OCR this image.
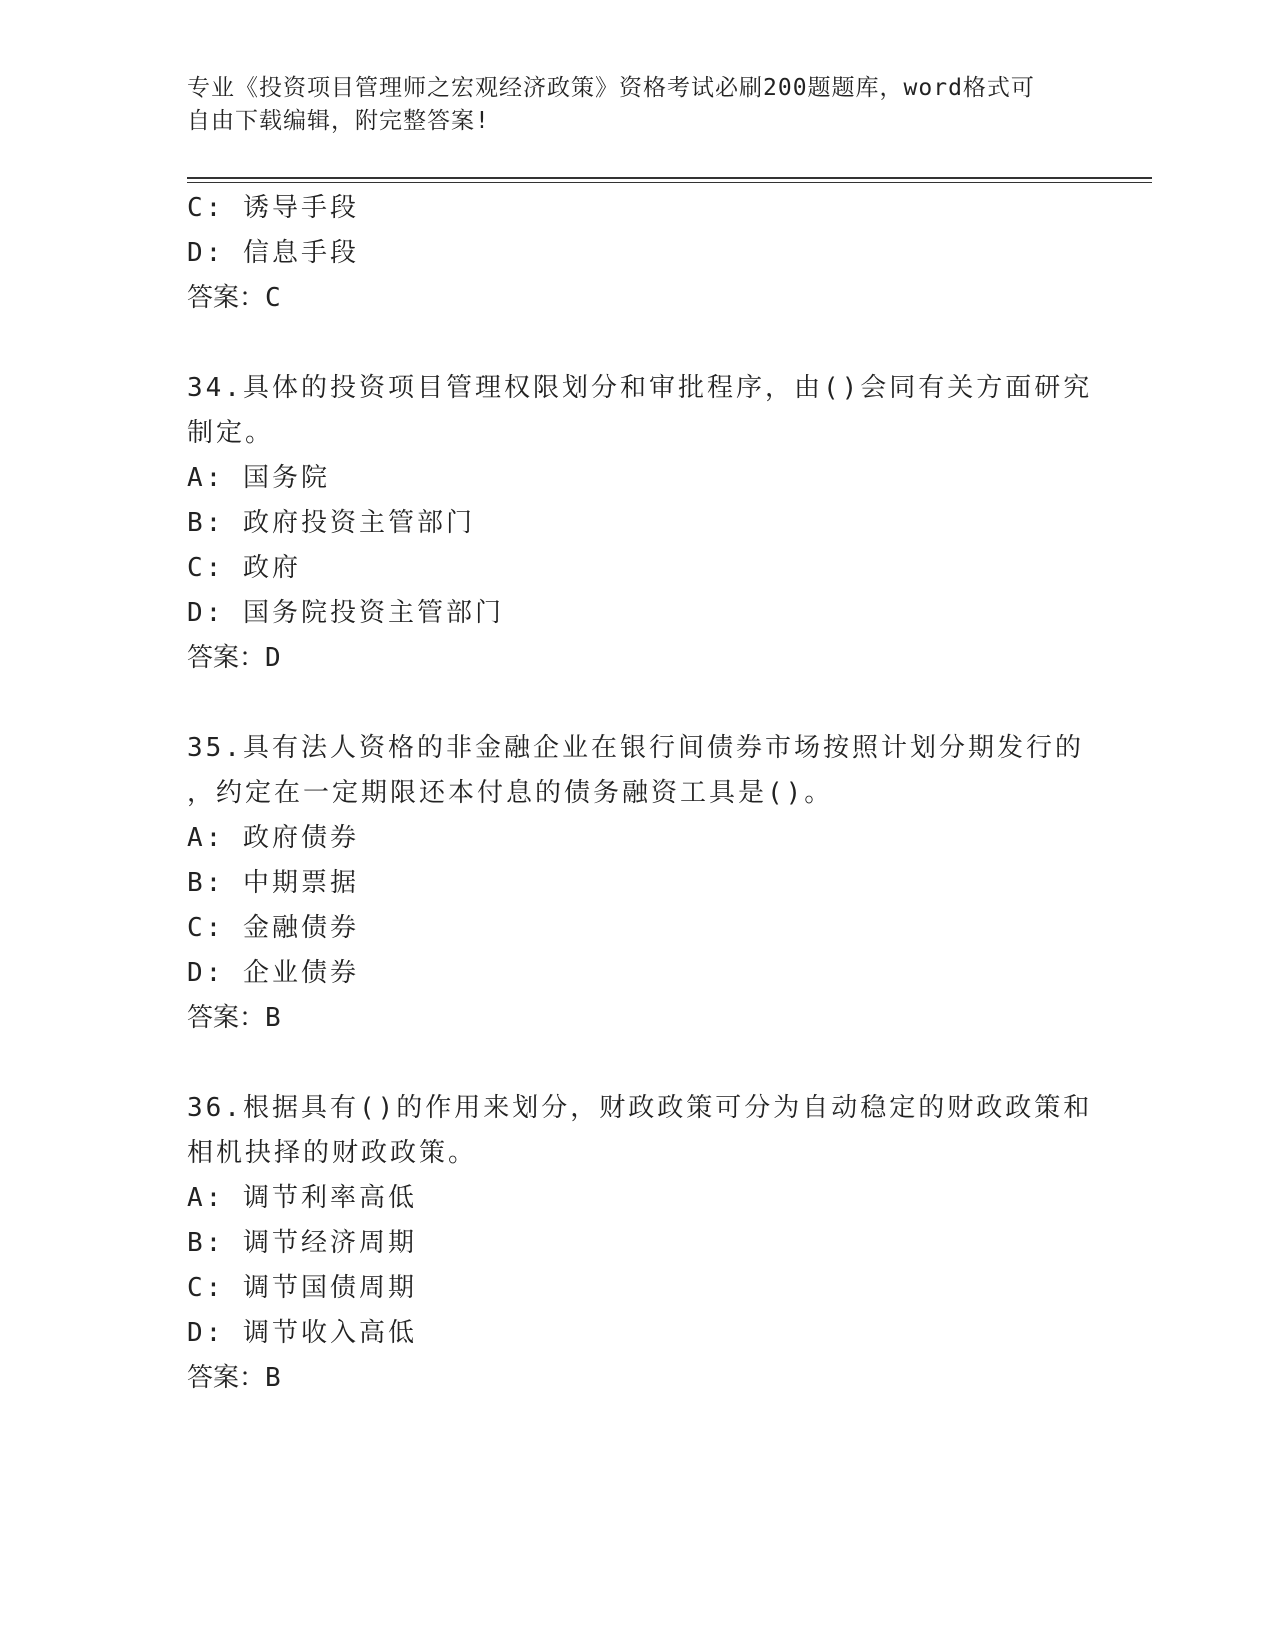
专业《投资项目管理师之宏观经济政策》资格考试必刷200题题库，word格式可
自由下载编辑，附完整答案!
C: 诱导手段
D: 信息手段
答案：C
34.具体的投资项目管理权限划分和审批程序，由()会同有关方面研究
制定。
A: 国务院
B: 政府投资主管部门
C: 政府
D: 国务院投资主管部门
答案：D
35.具有法人资格的非金融企业在银行间债券市场按照计划分期发行的
，约定在一定期限还本付息的债务融资工具是()。
A: 政府债券
B: 中期票据
C: 金融债券
D: 企业债券
答案：B
36.根据具有()的作用来划分，财政政策可分为自动稳定的财政政策和
相机抉择的财政政策。
A: 调节利率高低
B: 调节经济周期
C: 调节国债周期
D: 调节收入高低
答案：B
